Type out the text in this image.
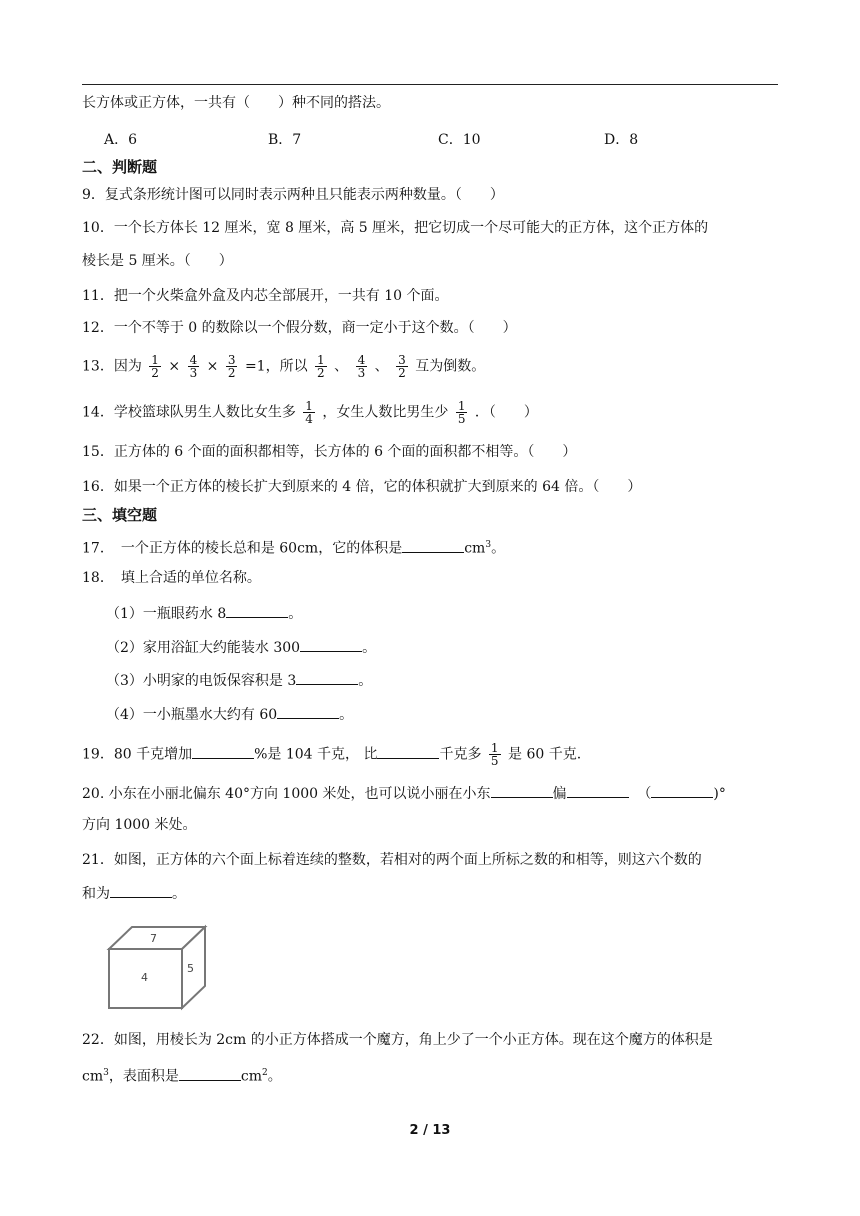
长方体或正方体，一共有（　　）种不同的搭法。
A．6	B．7	C．10	D．8
二、判断题
9．复式条形统计图可以同时表示两种且只能表示两种数量。（　　）
10．一个长方体长 12 厘米，宽 8 厘米，高 5 厘米，把它切成一个尽可能大的正方体，这个正方体的
棱长是 5 厘米。（　　）
11．把一个火柴盒外盒及内芯全部展开，一共有 10 个面。
12．一个不等于 0 的数除以一个假分数，商一定小于这个数。（　　）
13．因为 $\frac{1}{2} \times \frac{4}{3} \times \frac{3}{2} =1$，所以 $\frac{1}{2}$ 、 $\frac{4}{3}$ 、 $\frac{3}{2}$ 互为倒数。
14．学校篮球队男生人数比女生多 $\frac{1}{4}$ ，女生人数比男生少 $\frac{1}{5}$ ．（　　）
15．正方体的 6 个面的面积都相等，长方体的 6 个面的面积都不相等。（　　）
16．如果一个正方体的棱长扩大到原来的 4 倍，它的体积就扩大到原来的 64 倍。（　　）
三、填空题
17．　一个正方体的棱长总和是 60cm，它的体积是	$cm^3$。
18．　填上合适的单位名称。
（1）一瓶眼药水 8	。
（2）家用浴缸大约能装水 300	。
（3）小明家的电饭保容积是 3	。
（4）一小瓶墨水大约有 60	。
19．80 千克增加	%是 104 千克， 比	千克多 $\frac{1}{5}$ 是 60 千克.
20. 小东在小丽北偏东 40°方向 1000 米处，也可以说小丽在小东	偏	（	)°
方向 1000 米处。
21．如图，正方体的六个面上标着连续的整数，若相对的两个面上所标之数的和相等，则这六个数的
和为	。
7
4
5
22．如图，用棱长为 2cm 的小正方体搭成一个魔方，角上少了一个小正方体。现在这个魔方的体积是
$cm^3$，表面积是	$cm^2$。
2 / 13
